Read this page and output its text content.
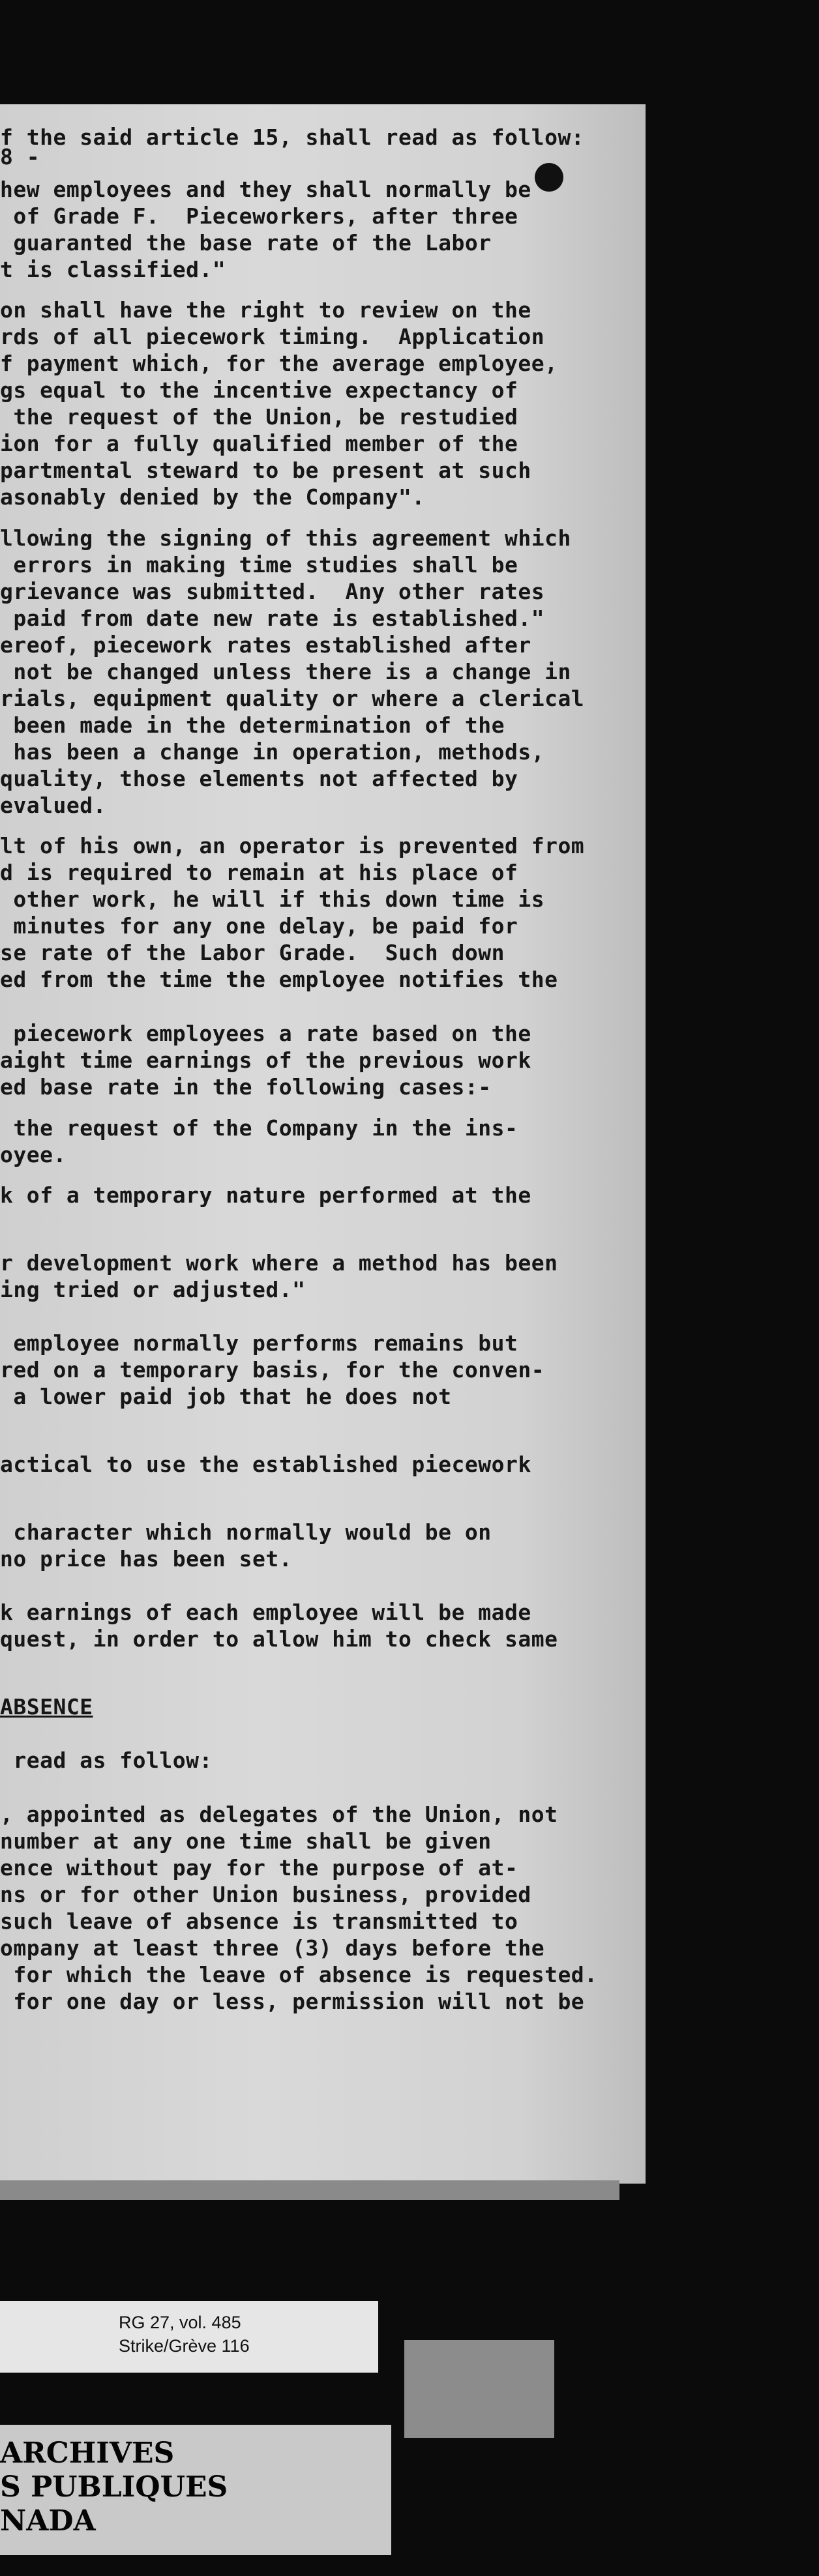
8 -
f the said article 15, shall read as follow:
hew employees and they shall normally be
of Grade F.  Pieceworkers, after three
guaranted the base rate of the Labor
t is classified."
on shall have the right to review on the
rds of all piecework timing.  Application
f payment which, for the average employee,
gs equal to the incentive expectancy of
the request of the Union, be restudied
ion for a fully qualified member of the
partmental steward to be present at such
asonably denied by the Company".
llowing the signing of this agreement which
errors in making time studies shall be
grievance was submitted.  Any other rates
paid from date new rate is established."
ereof, piecework rates established after
not be changed unless there is a change in
rials, equipment quality or where a clerical
been made in the determination of the
has been a change in operation, methods,
quality, those elements not affected by
evalued.
lt of his own, an operator is prevented from
d is required to remain at his place of
other work, he will if this down time is
minutes for any one delay, be paid for
se rate of the Labor Grade.  Such down
ed from the time the employee notifies the
piecework employees a rate based on the
aight time earnings of the previous work
ed base rate in the following cases:-
the request of the Company in the ins-
oyee.
k of a temporary nature performed at the
r development work where a method has been
ing tried or adjusted."
employee normally performs remains but
red on a temporary basis, for the conven-
a lower paid job that he does not
actical to use the established piecework
character which normally would be on
no price has been set.
k earnings of each employee will be made
quest, in order to allow him to check same
ABSENCE
read as follow:
, appointed as delegates of the Union, not
number at any one time shall be given
ence without pay for the purpose of at-
ns or for other Union business, provided
such leave of absence is transmitted to
ompany at least three (3) days before the
for which the leave of absence is requested.
for one day or less, permission will not be
RG 27, vol. 485
Strike/Grève 116
ARCHIVES
S PUBLIQUES
NADA
